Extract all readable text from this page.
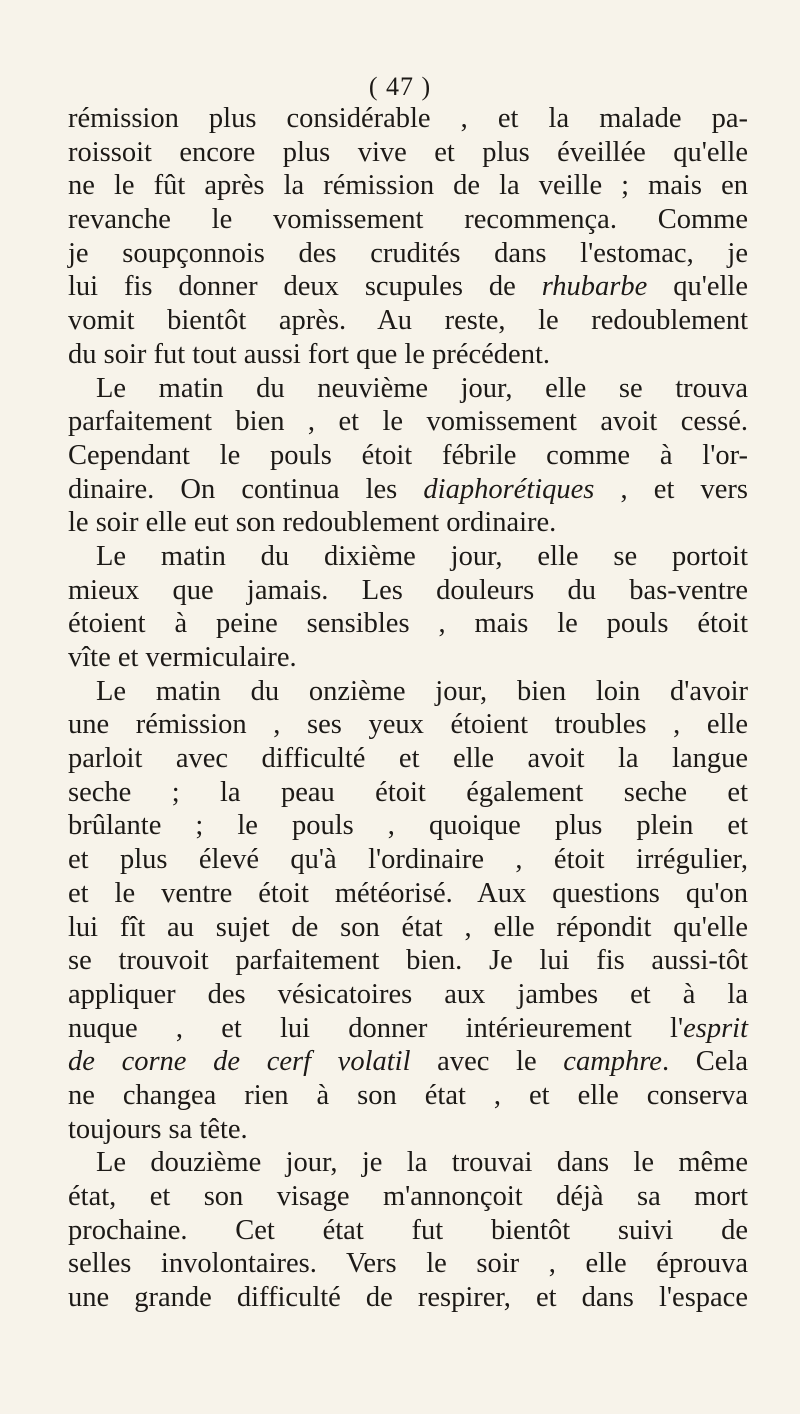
( 47 )
rémission plus considérable , et la malade pa-
roissoit encore plus vive et plus éveillée qu'elle
ne le fût après la rémission de la veille ; mais en
revanche le vomissement recommença. Comme
je soupçonnois des crudités dans l'estomac, je
lui fis donner deux scupules de rhubarbe qu'elle
vomit bientôt après. Au reste, le redoublement
du soir fut tout aussi fort que le précédent.
Le matin du neuvième jour, elle se trouva
parfaitement bien , et le vomissement avoit cessé.
Cependant le pouls étoit fébrile comme à l'or-
dinaire. On continua les diaphorétiques , et vers
le soir elle eut son redoublement ordinaire.
Le matin du dixième jour, elle se portoit
mieux que jamais. Les douleurs du bas-ventre
étoient à peine sensibles , mais le pouls étoit
vîte et vermiculaire.
Le matin du onzième jour, bien loin d'avoir
une rémission , ses yeux étoient troubles , elle
parloit avec difficulté et elle avoit la langue
seche ; la peau étoit également seche et
brûlante ; le pouls , quoique plus plein et
et plus élevé qu'à l'ordinaire , étoit irrégulier,
et le ventre étoit météorisé. Aux questions qu'on
lui fît au sujet de son état , elle répondit qu'elle
se trouvoit parfaitement bien. Je lui fis aussi-tôt
appliquer des vésicatoires aux jambes et à la
nuque , et lui donner intérieurement l'esprit
de corne de cerf volatil avec le camphre. Cela
ne changea rien à son état , et elle conserva
toujours sa tête.
Le douzième jour, je la trouvai dans le même
état, et son visage m'annonçoit déjà sa mort
prochaine. Cet état fut bientôt suivi de
selles involontaires. Vers le soir , elle éprouva
une grande difficulté de respirer, et dans l'espace
